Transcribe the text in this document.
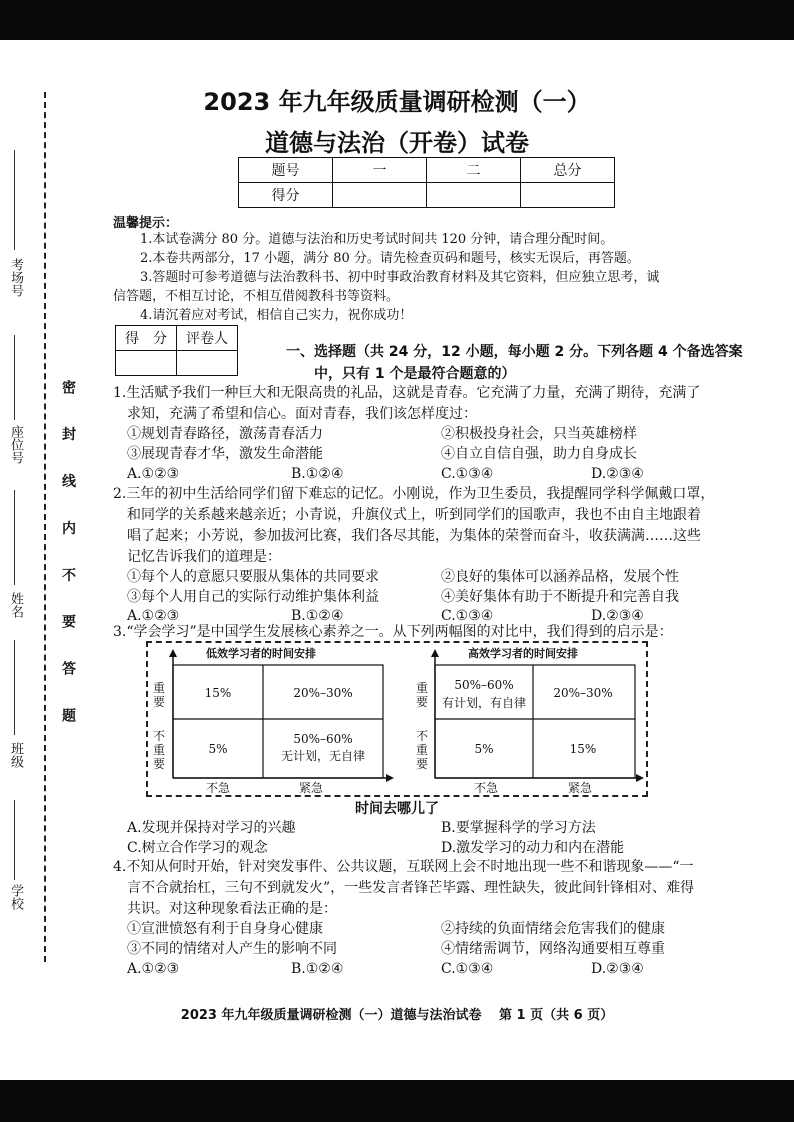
考场号
座位号
姓名
班级
学校
密 封 线 内 不 要 答 题
2023 年九年级质量调研检测（一）
道德与法治（开卷）试卷
题号	一	二	总分
得分			
温馨提示：
1.本试卷满分 80 分。道德与法治和历史考试时间共 120 分钟，请合理分配时间。
2.本卷共两部分，17 小题，满分 80 分。请先检查页码和题号，核实无误后，再答题。
3.答题时可参考道德与法治教科书、初中时事政治教育材料及其它资料，但应独立思考，诚
信答题，不相互讨论，不相互借阅教科书等资料。
4.请沉着应对考试，相信自己实力，祝你成功！
得　分	评卷人

一、选择题（共 24 分，12 小题，每小题 2 分。下列各题 4 个备选答案
中，只有 1 个是最符合题意的）
1.生活赋予我们一种巨大和无限高贵的礼品，这就是青春。它充满了力量，充满了期待，充满了
求知，充满了希望和信心。面对青春，我们该怎样度过：
①规划青春路径，激荡青春活力	②积极投身社会，只当英雄榜样
③展现青春才华，激发生命潜能	④自立自信自强，助力自身成长
A.①②③	B.①②④	C.①③④	D.②③④
2.三年的初中生活给同学们留下难忘的记忆。小刚说，作为卫生委员，我提醒同学科学佩戴口罩，
和同学的关系越来越亲近；小青说，升旗仪式上，听到同学们的国歌声，我也不由自主地跟着
唱了起来；小芳说，参加拔河比赛，我们各尽其能，为集体的荣誉而奋斗，收获满满……这些
记忆告诉我们的道理是：
①每个人的意愿只要服从集体的共同要求	②良好的集体可以涵养品格，发展个性
③每个人用自己的实际行动维护集体利益	④美好集体有助于不断提升和完善自我
A.①②③	B.①②④	C.①③④	D.②③④
3.“学会学习”是中国学生发展核心素养之一。从下列两幅图的对比中，我们得到的启示是：
低效学习者的时间安排
重要
不重要
不急	紧急
15%	20%–30%
5%
50%–60%
无计划，无自律
高效学习者的时间安排
重要
不重要
不急	紧急
50%–60%
有计划，有自律
20%–30%
5%	15%
时间去哪儿了
A.发现并保持对学习的兴趣	B.要掌握科学的学习方法
C.树立合作学习的观念	D.激发学习的动力和内在潜能
4.不知从何时开始，针对突发事件、公共议题，互联网上会不时地出现一些不和谐现象——“一
言不合就抬杠，三句不到就发火”，一些发言者锋芒毕露、理性缺失，彼此间针锋相对、难得
共识。对这种现象看法正确的是：
①宣泄愤怒有利于自身身心健康	②持续的负面情绪会危害我们的健康
③不同的情绪对人产生的影响不同	④情绪需调节，网络沟通要相互尊重
A.①②③	B.①②④	C.①③④	D.②③④
2023 年九年级质量调研检测（一）道德与法治试卷　 第 1 页（共 6 页）
